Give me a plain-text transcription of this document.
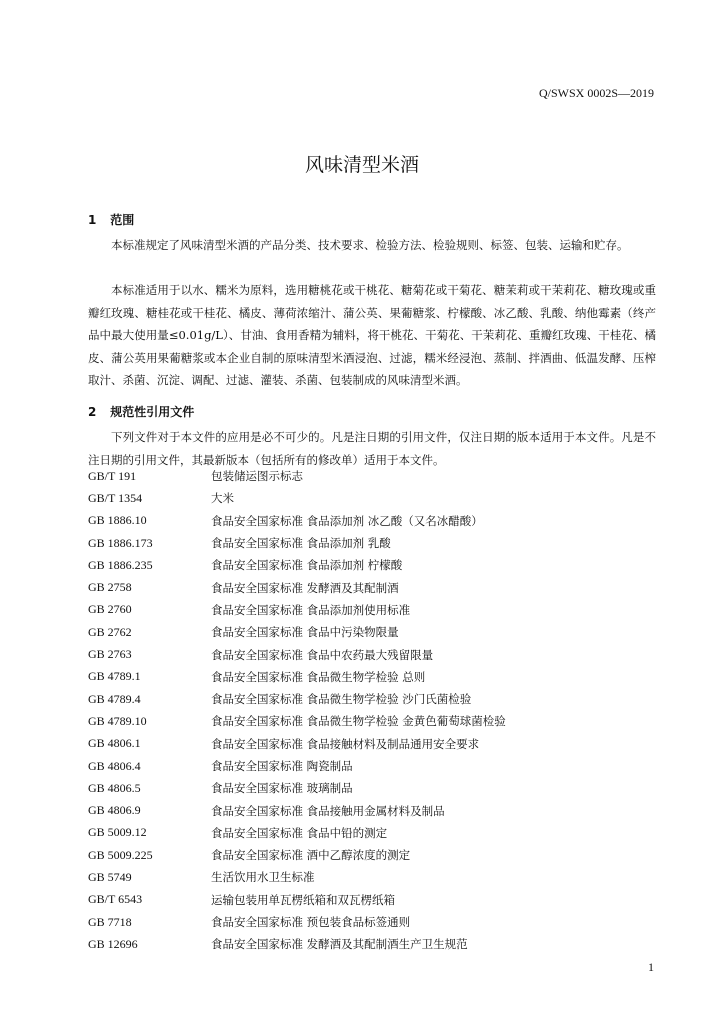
Q/SWSX 0002S—2019
风味清型米酒
1 范围

本标准规定了风味清型米酒的产品分类、技术要求、检验方法、检验规则、标签、包装、运输和贮存。

本标准适用于以水、糯米为原料，选用糖桃花或干桃花、糖菊花或干菊花、糖茉莉或干茉莉花、糖玫瑰或重瓣红玫瑰、糖桂花或干桂花、橘皮、薄荷浓缩汁、蒲公英、果葡糖浆、柠檬酸、冰乙酸、乳酸、纳他霉素（终产品中最大使用量≤0.01g/L）、甘油、食用香精为辅料，将干桃花、干菊花、干茉莉花、重瓣红玫瑰、干桂花、橘皮、蒲公英用果葡糖浆或本企业自制的原味清型米酒浸泡、过滤，糯米经浸泡、蒸制、拌酒曲、低温发酵、压榨取汁、杀菌、沉淀、调配、过滤、灌装、杀菌、包装制成的风味清型米酒。

2 规范性引用文件

下列文件对于本文件的应用是必不可少的。凡是注日期的引用文件，仅注日期的版本适用于本文件。凡是不注日期的引用文件，其最新版本（包括所有的修改单）适用于本文件。

GB/T 191	包装储运图示标志
GB/T 1354	大米
GB 1886.10	食品安全国家标准 食品添加剂 冰乙酸（又名冰醋酸）
GB 1886.173	食品安全国家标准 食品添加剂 乳酸
GB 1886.235	食品安全国家标准 食品添加剂 柠檬酸
GB 2758	食品安全国家标准 发酵酒及其配制酒
GB 2760	食品安全国家标准 食品添加剂使用标准
GB 2762	食品安全国家标准 食品中污染物限量
GB 2763	食品安全国家标准 食品中农药最大残留限量
GB 4789.1	食品安全国家标准 食品微生物学检验 总则
GB 4789.4	食品安全国家标准 食品微生物学检验 沙门氏菌检验
GB 4789.10	食品安全国家标准 食品微生物学检验 金黄色葡萄球菌检验
GB 4806.1	食品安全国家标准 食品接触材料及制品通用安全要求
GB 4806.4	食品安全国家标准 陶瓷制品
GB 4806.5	食品安全国家标准 玻璃制品
GB 4806.9	食品安全国家标准 食品接触用金属材料及制品
GB 5009.12	食品安全国家标准 食品中铅的测定
GB 5009.225	食品安全国家标准 酒中乙醇浓度的测定
GB 5749	生活饮用水卫生标准
GB/T 6543	运输包装用单瓦楞纸箱和双瓦楞纸箱
GB 7718	食品安全国家标准 预包装食品标签通则
GB 12696	食品安全国家标准 发酵酒及其配制酒生产卫生规范
1
